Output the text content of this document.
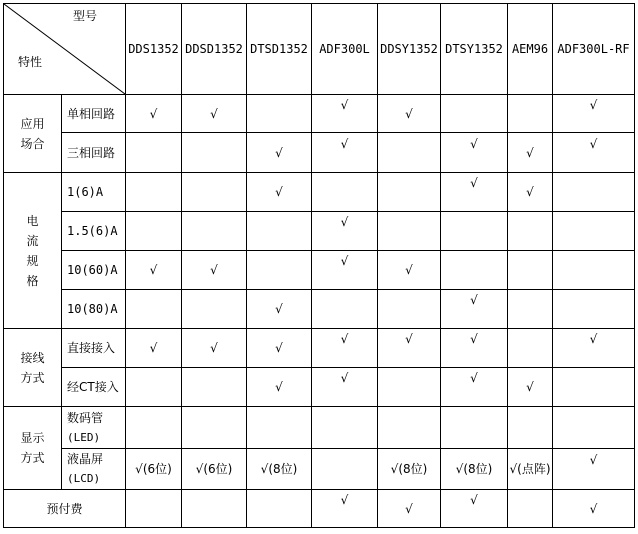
型号
特性		DDS1352	DDSD1352	DTSD1352	ADF300L	DDSY1352	DTSY1352	AEM96	ADF300L-RF

应用
场合	单相回路	√	√		√	√			√
	三相回路			√	√		√	√	√

电
流
规
格	1(6)A			√			√	√	
	1.5(6)A				√				
	10(60)A	√	√		√	√			
	10(80)A			√			√		

接线
方式	直接接入	√	√	√	√	√	√		√
	经CT接入			√	√		√	√	

显示
方式	数码管
(LED)								

	液晶屏
(LCD)	√(6位)	√(6位)	√(8位)		√(8位)	√(8位)	√(点阵)	√
预付费					√	√	√		√
